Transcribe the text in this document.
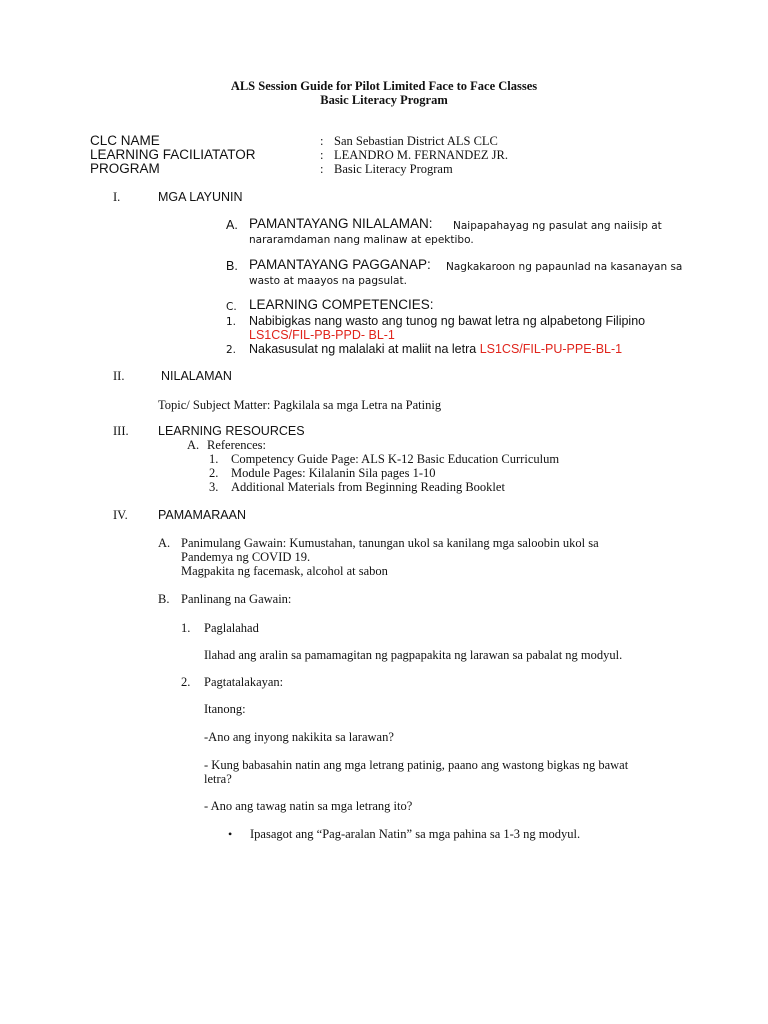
ALS Session Guide for Pilot Limited Face to Face Classes
Basic Literacy Program
CLC NAME	: San Sebastian District ALS CLC
LEARNING FACILIATATOR	: LEANDRO M. FERNANDEZ JR.
PROGRAM	: Basic Literacy Program
I.	MGA LAYUNIN
A. PAMANTAYANG NILALAMAN: Naipapahayag ng pasulat ang naiisip at
nararamdaman nang malinaw at epektibo.
B. PAMANTAYANG PAGGANAP: Nagkakaroon ng papaunlad na kasanayan sa
wasto at maayos na pagsulat.
C. LEARNING COMPETENCIES:
1. Nabibigkas nang wasto ang tunog ng bawat letra ng alpabetong Filipino
LS1CS/FIL-PB-PPD- BL-1
2. Nakasusulat ng malalaki at maliit na letra LS1CS/FIL-PU-PPE-BL-1
II.	NILALAMAN
Topic/ Subject Matter: Pagkilala sa mga Letra na Patinig
III. LEARNING RESOURCES
A. References:
1. Competency Guide Page: ALS K-12 Basic Education Curriculum
2. Module Pages: Kilalanin Sila pages 1-10
3. Additional Materials from Beginning Reading Booklet
IV. PAMAMARAAN
A. Panimulang Gawain: Kumustahan, tanungan ukol sa kanilang mga saloobin ukol sa
Pandemya ng COVID 19.
Magpakita ng facemask, alcohol at sabon
B. Panlinang na Gawain:
1. Paglalahad
Ilahad ang aralin sa pamamagitan ng pagpapakita ng larawan sa pabalat ng modyul.
2. Pagtatalakayan:
Itanong:
-Ano ang inyong nakikita sa larawan?
- Kung babasahin natin ang mga letrang patinig, paano ang wastong bigkas ng bawat
letra?
- Ano ang tawag natin sa mga letrang ito?
• Ipasagot ang “Pag-aralan Natin” sa mga pahina sa 1-3 ng modyul.
